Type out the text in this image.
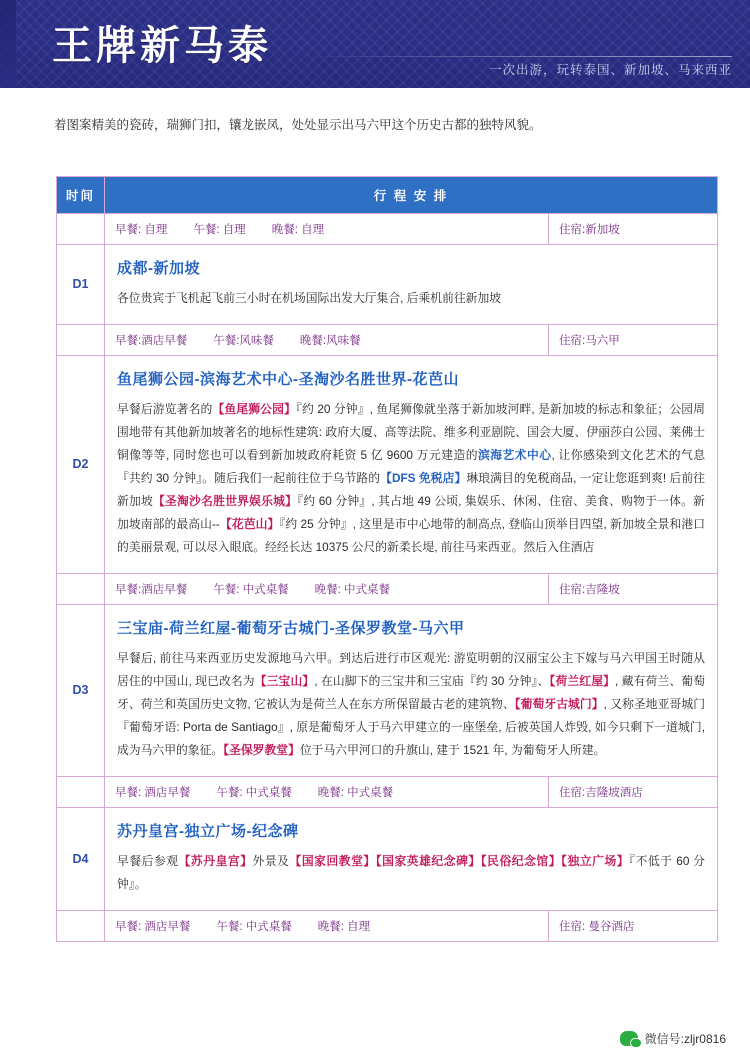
王牌新马泰
一次出游，玩转泰国、新加坡、马来西亚
着图案精美的瓷砖，瑞狮门扣，镶龙嵌凤，处处显示出马六甲这个历史古都的独特风貌。
时间	行 程 安 排

	早餐: 自理 午餐: 自理 晚餐: 自理 住宿:新加坡

D1	成都-新加坡
各位贵宾于飞机起飞前三小时在机场国际出发大厅集合, 后乘机前往新加坡

	早餐:酒店早餐 午餐:风味餐 晚餐:风味餐 住宿:马六甲

D2	鱼尾狮公园-滨海艺术中心-圣淘沙名胜世界-花芭山
早餐后游览著名的【鱼尾狮公园】『约 20 分钟』, 鱼尾狮像就坐落于新加坡河畔, 是新加坡的标志和象征；公园周围地带有其他新加坡著名的地标性建筑: 政府大厦、高等法院、维多利亚剧院、国会大厦、伊丽莎白公园、莱佛士铜像等等, 同时您也可以看到新加坡政府耗资 5 亿 9600 万元建造的滨海艺术中心, 让你感染到文化艺术的气息『共约 30 分钟』。随后我们一起前往位于乌节路的【DFS 免税店】琳琅满目的免税商品, 一定让您逛到爽! 后前往新加坡【圣淘沙名胜世界娱乐城】『约 60 分钟』, 其占地 49 公顷, 集娱乐、休闲、住宿、美食、购物于一体。新加坡南部的最高山--【花芭山】『约 25 分钟』, 这里是市中心地带的制高点, 登临山顶举目四望, 新加坡全景和港口的美丽景观, 可以尽入眼底。经经长达 10375 公尺的新柔长堤, 前往马来西亚。然后入住酒店

	早餐:酒店早餐 午餐: 中式桌餐 晚餐: 中式桌餐 住宿:吉隆坡

D3	三宝庙-荷兰红屋-葡萄牙古城门-圣保罗教堂-马六甲
早餐后, 前往马来西亚历史发源地马六甲。到达后进行市区观光: 游览明朝的汉丽宝公主下嫁与马六甲国王时随从居住的中国山, 现已改名为【三宝山】, 在山脚下的三宝井和三宝庙『约 30 分钟』、【荷兰红屋】, 藏有荷兰、葡萄牙、荷兰和英国历史文物, 它被认为是荷兰人在东方所保留最古老的建筑物、【葡萄牙古城门】, 又称圣地亚哥城门『葡萄牙语: Porta de Santiago』, 原是葡萄牙人于马六甲建立的一座堡垒, 后被英国人炸毁, 如今只剩下一道城门, 成为马六甲的象征。【圣保罗教堂】位于马六甲河口的升旗山, 建于 1521 年, 为葡萄牙人所建。

	早餐: 酒店早餐 午餐: 中式桌餐 晚餐: 中式桌餐 住宿:吉隆坡酒店

D4	苏丹皇宫-独立广场-纪念碑
早餐后参观【苏丹皇宫】外景及【国家回教堂】【国家英雄纪念碑】【民俗纪念馆】【独立广场】『不低于 60 分钟』。

	早餐: 酒店早餐 午餐: 中式桌餐 晚餐: 自理 住宿: 曼谷酒店
微信号:zljr0816
